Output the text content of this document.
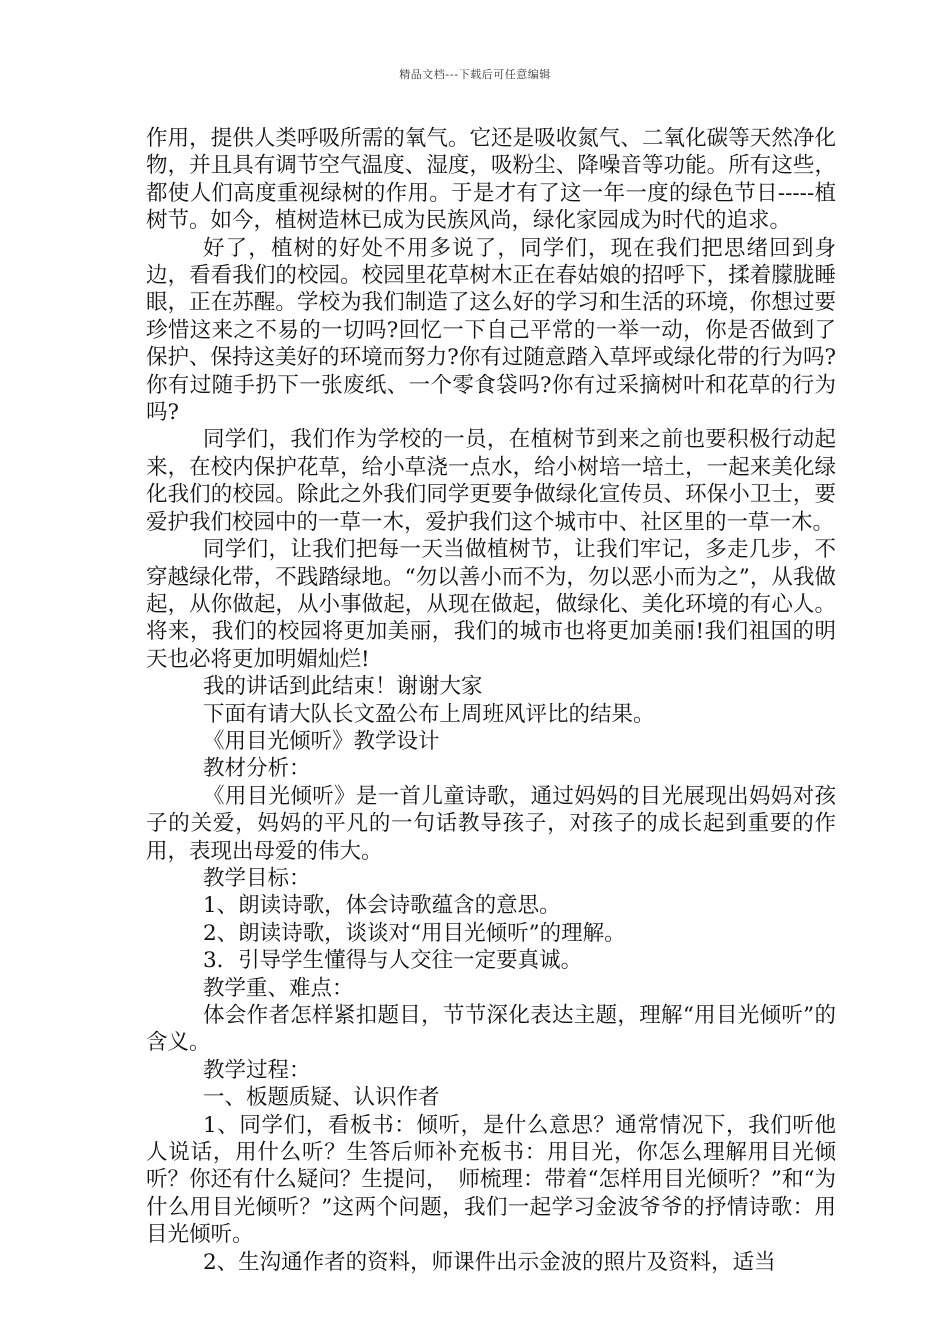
精品文档---下载后可任意编辑

作用，提供人类呼吸所需的氧气。它还是吸收氮气、二氧化碳等天然净化物，并且具有调节空气温度、湿度，吸粉尘、降噪音等功能。所有这些，都使人们高度重视绿树的作用。于是才有了这一年一度的绿色节日-----植树节。如今，植树造林已成为民族风尚，绿化家园成为时代的追求。

好了，植树的好处不用多说了，同学们，现在我们把思绪回到身边，看看我们的校园。校园里花草树木正在春姑娘的招呼下，揉着朦胧睡眼，正在苏醒。学校为我们制造了这么好的学习和生活的环境，你想过要珍惜这来之不易的一切吗?回忆一下自己平常的一举一动，你是否做到了保护、保持这美好的环境而努力?你有过随意踏入草坪或绿化带的行为吗?你有过随手扔下一张废纸、一个零食袋吗?你有过采摘树叶和花草的行为吗?

同学们，我们作为学校的一员，在植树节到来之前也要积极行动起来，在校内保护花草，给小草浇一点水，给小树培一培土，一起来美化绿化我们的校园。除此之外我们同学更要争做绿化宣传员、环保小卫士，要爱护我们校园中的一草一木，爱护我们这个城市中、社区里的一草一木。

同学们，让我们把每一天当做植树节，让我们牢记，多走几步，不穿越绿化带，不践踏绿地。“勿以善小而不为，勿以恶小而为之”，从我做起，从你做起，从小事做起，从现在做起，做绿化、美化环境的有心人。将来，我们的校园将更加美丽，我们的城市也将更加美丽!我们祖国的明天也必将更加明媚灿烂!

我的讲话到此结束！谢谢大家

下面有请大队长文盈公布上周班风评比的结果。

《用目光倾听》教学设计

教材分析：

《用目光倾听》是一首儿童诗歌，通过妈妈的目光展现出妈妈对孩子的关爱，妈妈的平凡的一句话教导孩子，对孩子的成长起到重要的作用，表现出母爱的伟大。

教学目标：

1、朗读诗歌，体会诗歌蕴含的意思。

2、朗读诗歌，谈谈对“用目光倾听”的理解。

3．引导学生懂得与人交往一定要真诚。

教学重、难点：

体会作者怎样紧扣题目，节节深化表达主题，理解“用目光倾听”的含义。

教学过程：

一、板题质疑、认识作者

1、同学们，看板书：倾听，是什么意思？通常情况下，我们听他人说话，用什么听？生答后师补充板书：用目光，你怎么理解用目光倾听？你还有什么疑问？生提问，　师梳理：带着“怎样用目光倾听？”和“为什么用目光倾听？”这两个问题，我们一起学习金波爷爷的抒情诗歌：用目光倾听。

2、生沟通作者的资料，师课件出示金波的照片及资料，适当
